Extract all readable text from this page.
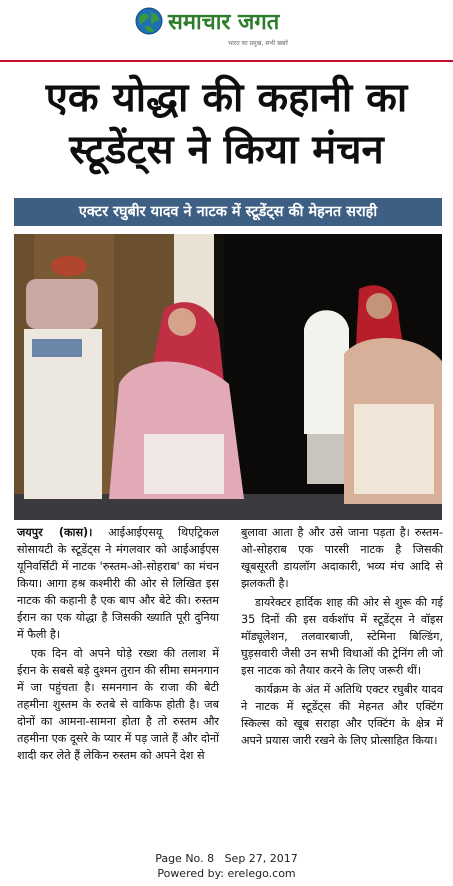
समाचार जगत
भारत का प्रमुख, सभी खबरें
एक योद्धा की कहानी का
स्टूडेंट्स ने किया मंचन
एक्टर रघुबीर यादव ने नाटक में स्टूडेंट्स की मेहनत सराही

जयपुर (कास)। आईआईएसयू थिएट्रिकल सोसायटी के स्टूडेंट्स ने मंगलवार को आईआईएस यूनिवर्सिटी में नाटक 'रुस्तम-ओ-सोहराब' का मंचन किया। आगा हश्र कश्मीरी की ओर से लिखित इस नाटक की कहानी है एक बाप और बेटे की। रुस्तम ईरान का एक योद्धा है जिसकी ख्याति पूरी दुनिया में फैली है।

एक दिन वो अपने घोड़े रख्श की तलाश में ईरान के सबसे बड़े दुश्मन तुरान की सीमा समनगान में जा पहुंचता है। समनगान के राजा की बेटी तहमीना शुस्तम के रुतबे से वाकिफ होती है। जब दोनों का आमना-सामना होता है तो रुस्तम और तहमीना एक दूसरे के प्यार में पड़ जाते हैं और दोनों शादी कर लेते हैं लेकिन रुस्तम को अपने देश से

बुलावा आता है और उसे जाना पड़ता है। रुस्तम-ओ-सोहराब एक पारसी नाटक है जिसकी खूबसूरती डायलॉग अदाकारी, भव्य मंच आदि से झलकती है।

डायरेक्टर हार्दिक शाह की ओर से शुरू की गई 35 दिनों की इस वर्कशॉप में स्टूडेंट्स ने वॉइस मॉड्यूलेशन, तलवारबाजी, स्टेमिना बिल्डिंग, घुड़सवारी जैसी उन सभी विधाओं की ट्रेनिंग ली जो इस नाटक को तैयार करने के लिए जरूरी थीं।

कार्यक्रम के अंत में अतिथि एक्टर रघुबीर यादव ने नाटक में स्टूडेंट्स की मेहनत और एक्टिंग स्किल्स को खूब सराहा और एक्टिंग के क्षेत्र में अपने प्रयास जारी रखने के लिए प्रोत्साहित किया।

Page No. 8 Sep 27, 2017
Powered by: erelego.com
